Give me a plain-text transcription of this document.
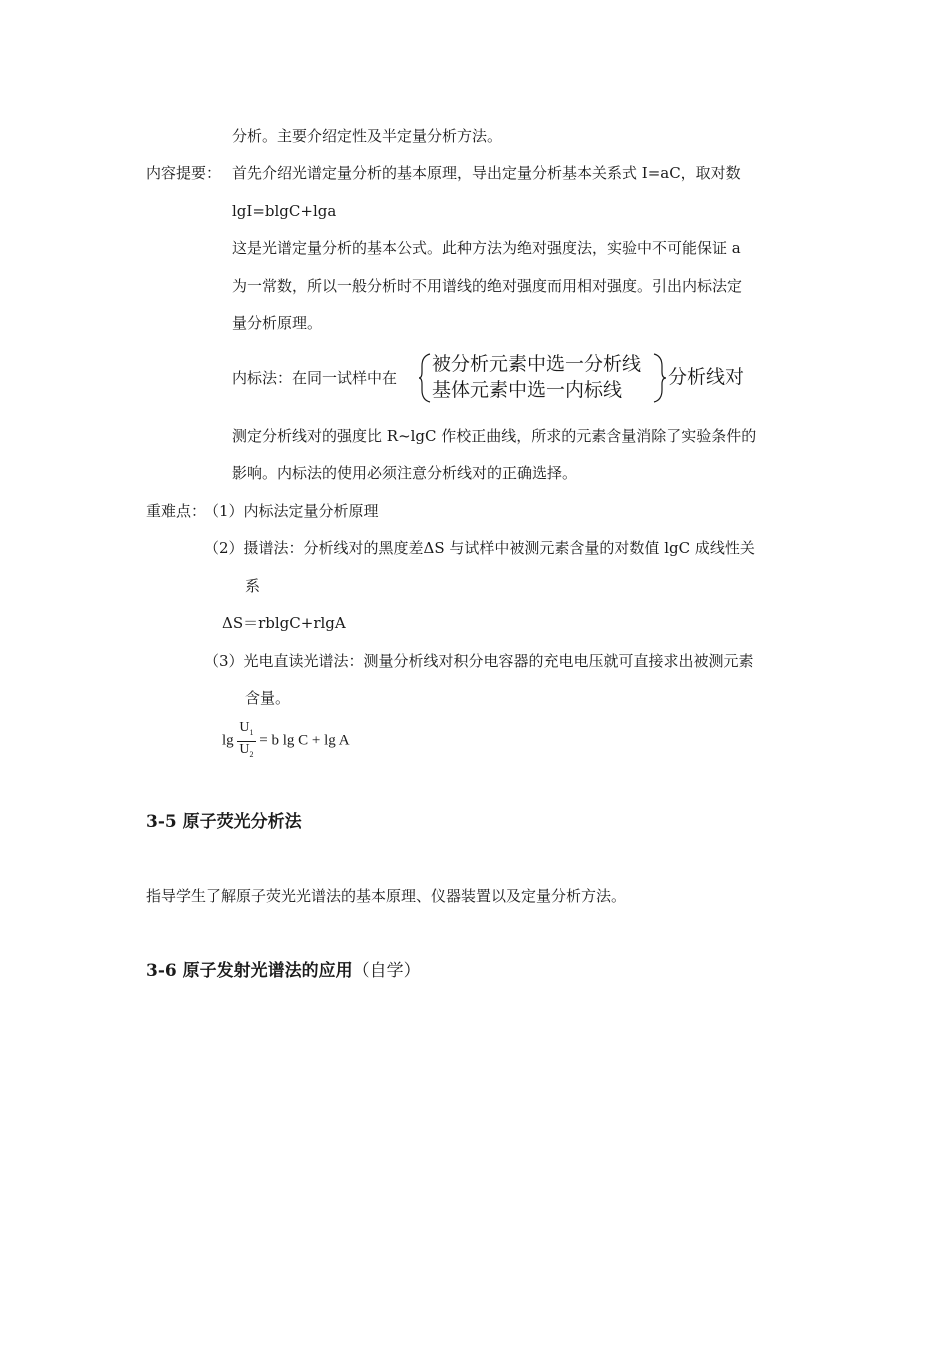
分析。主要介绍定性及半定量分析方法。
内容提要： 首先介绍光谱定量分析的基本原理，导出定量分析基本关系式 I=aC，取对数
lgI=blgC+lga
这是光谱定量分析的基本公式。此种方法为绝对强度法，实验中不可能保证 a
为一常数，所以一般分析时不用谱线的绝对强度而用相对强度。引出内标法定
量分析原理。
内标法：在同一试样中在
被分析元素中选一分析线
基体元素中选一内标线
分析线对
测定分析线对的强度比 R~lgC 作校正曲线，所求的元素含量消除了实验条件的
影响。内标法的使用必须注意分析线对的正确选择。
重难点：
（1）内标法定量分析原理
（2）摄谱法：分析线对的黑度差ΔS 与试样中被测元素含量的对数值 lgC 成线性关
系
ΔS＝rblgC+rlgA
（3）光电直读光谱法：测量分析线对积分电容器的充电电压就可直接求出被测元素
含量。
$\lg \frac{U_1}{U_2} = b$ lg C + lg A
3-5 原子荧光分析法
指导学生了解原子荧光光谱法的基本原理、仪器装置以及定量分析方法。
3-6 原子发射光谱法的应用（自学）
